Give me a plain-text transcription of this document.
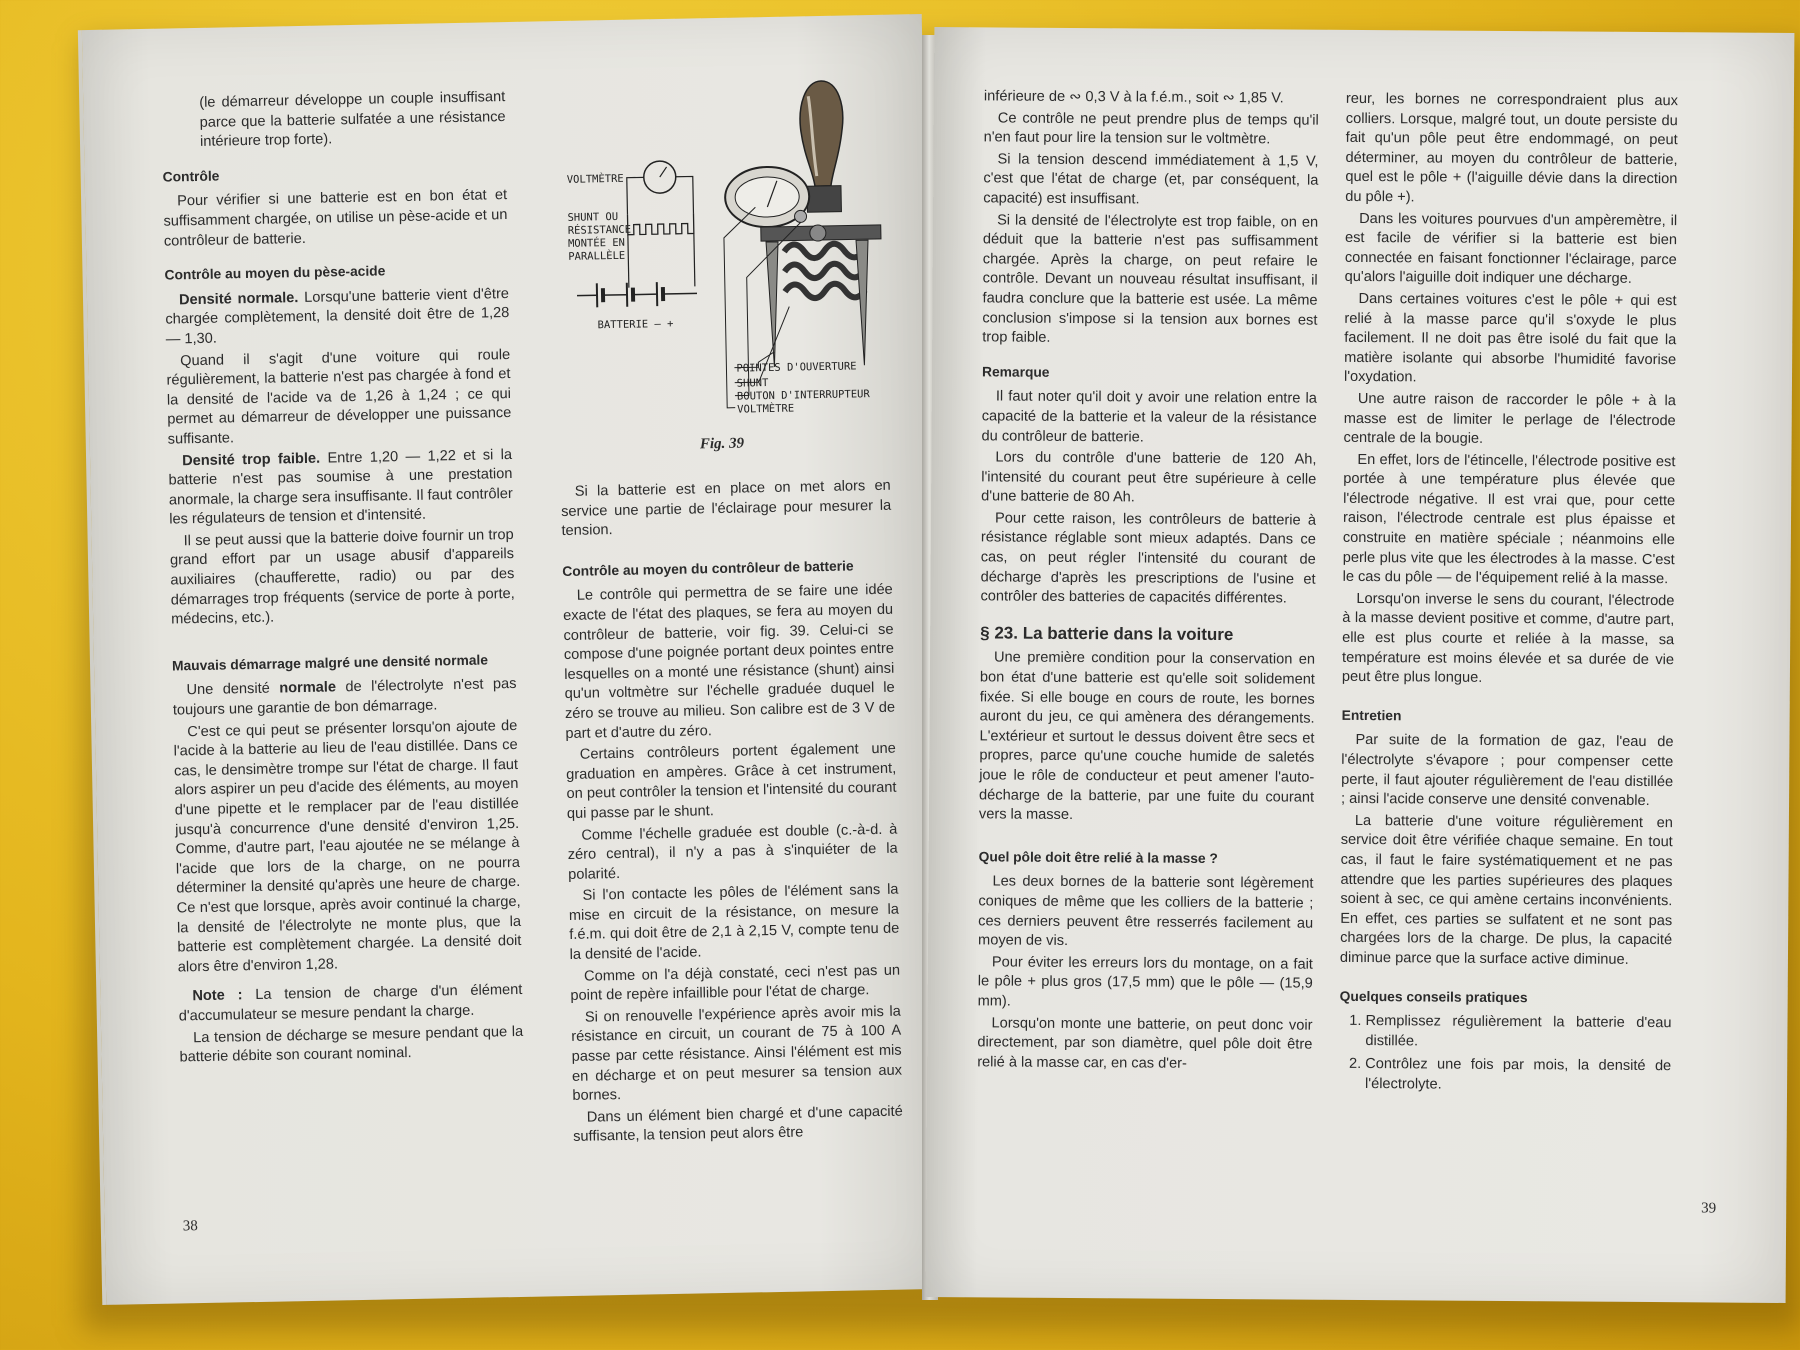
(le démarreur développe un couple insuffisant parce que la batterie sulfatée a une résistance intérieure trop forte).

Contrôle

Pour vérifier si une batterie est en bon état et suffisamment chargée, on utilise un pèse-acide et un contrôleur de batterie.

Contrôle au moyen du pèse-acide

Densité normale. Lorsqu'une batterie vient d'être chargée complètement, la densité doit être de 1,28 — 1,30.

Quand il s'agit d'une voiture qui roule régulièrement, la batterie n'est pas chargée à fond et la densité de l'acide va de 1,26 à 1,24 ; ce qui permet au démarreur de développer une puissance suffisante.

Densité trop faible. Entre 1,20 — 1,22 et si la batterie n'est pas soumise à une prestation anormale, la charge sera insuffisante. Il faut contrôler les régulateurs de tension et d'intensité.

Il se peut aussi que la batterie doive fournir un trop grand effort par un usage abusif d'appareils auxiliaires (chaufferette, radio) ou par des démarrages trop fréquents (service de porte à porte, médecins, etc.).

Mauvais démarrage malgré une densité normale

Une densité normale de l'électrolyte n'est pas toujours une garantie de bon démarrage.

C'est ce qui peut se présenter lorsqu'on ajoute de l'acide à la batterie au lieu de l'eau distillée. Dans ce cas, le densimètre trompe sur l'état de charge. Il faut alors aspirer un peu d'acide des éléments, au moyen d'une pipette et le remplacer par de l'eau distillée jusqu'à concurrence d'une densité d'environ 1,25. Comme, d'autre part, l'eau ajoutée ne se mélange à l'acide que lors de la charge, on ne pourra déterminer la densité qu'après une heure de charge. Ce n'est que lorsque, après avoir continué la charge, la densité de l'électrolyte ne monte plus, que la batterie est complètement chargée. La densité doit alors être d'environ 1,28.

Note : La tension de charge d'un élément d'accumulateur se mesure pendant la charge.

La tension de décharge se mesure pendant que la batterie débite son courant nominal.

VOLTMÈTRE
SHUNT OU
RÉSISTANCE
MONTÉE EN
PARALLÈLE
BATTERIE – +
POINTES D'OUVERTURE
SHUNT
BOUTON D'INTERRUPTEUR
VOLTMÈTRE
Fig. 39

Si la batterie est en place on met alors en service une partie de l'éclairage pour mesurer la tension.

Contrôle au moyen du contrôleur de batterie

Le contrôle qui permettra de se faire une idée exacte de l'état des plaques, se fera au moyen du contrôleur de batterie, voir fig. 39. Celui-ci se compose d'une poignée portant deux pointes entre lesquelles on a monté une résistance (shunt) ainsi qu'un voltmètre sur l'échelle graduée duquel le zéro se trouve au milieu. Son calibre est de 3 V de part et d'autre du zéro.

Certains contrôleurs portent également une graduation en ampères. Grâce à cet instrument, on peut contrôler la tension et l'intensité du courant qui passe par le shunt.

Comme l'échelle graduée est double (c.-à-d. à zéro central), il n'y a pas à s'inquiéter de la polarité.

Si l'on contacte les pôles de l'élément sans la mise en circuit de la résistance, on mesure la f.é.m. qui doit être de 2,1 à 2,15 V, compte tenu de la densité de l'acide.

Comme on l'a déjà constaté, ceci n'est pas un point de repère infaillible pour l'état de charge.

Si on renouvelle l'expérience après avoir mis la résistance en circuit, un courant de 75 à 100 A passe par cette résistance. Ainsi l'élément est mis en décharge et on peut mesurer sa tension aux bornes.

Dans un élément bien chargé et d'une capacité suffisante, la tension peut alors être

38

inférieure de ∾ 0,3 V à la f.é.m., soit ∾ 1,85 V.

Ce contrôle ne peut prendre plus de temps qu'il n'en faut pour lire la tension sur le voltmètre.

Si la tension descend immédiatement à 1,5 V, c'est que l'état de charge (et, par conséquent, la capacité) est insuffisant.

Si la densité de l'électrolyte est trop faible, on en déduit que la batterie n'est pas suffisamment chargée. Après la charge, on peut refaire le contrôle. Devant un nouveau résultat insuffisant, il faudra conclure que la batterie est usée. La même conclusion s'impose si la tension aux bornes est trop faible.

Remarque

Il faut noter qu'il doit y avoir une relation entre la capacité de la batterie et la valeur de la résistance du contrôleur de batterie.

Lors du contrôle d'une batterie de 120 Ah, l'intensité du courant peut être supérieure à celle d'une batterie de 80 Ah.

Pour cette raison, les contrôleurs de batterie à résistance réglable sont mieux adaptés. Dans ce cas, on peut régler l'intensité du courant de décharge d'après les prescriptions de l'usine et contrôler des batteries de capacités différentes.

§ 23. La batterie dans la voiture

Une première condition pour la conservation en bon état d'une batterie est qu'elle soit solidement fixée. Si elle bouge en cours de route, les bornes auront du jeu, ce qui amènera des dérangements. L'extérieur et surtout le dessus doivent être secs et propres, parce qu'une couche humide de saletés joue le rôle de conducteur et peut amener l'auto-décharge de la batterie, par une fuite du courant vers la masse.

Quel pôle doit être relié à la masse ?

Les deux bornes de la batterie sont légèrement coniques de même que les colliers de la batterie ; ces derniers peuvent être resserrés facilement au moyen de vis.

Pour éviter les erreurs lors du montage, on a fait le pôle + plus gros (17,5 mm) que le pôle — (15,9 mm).

Lorsqu'on monte une batterie, on peut donc voir directement, par son diamètre, quel pôle doit être relié à la masse car, en cas d'er-

reur, les bornes ne correspondraient plus aux colliers. Lorsque, malgré tout, un doute persiste du fait qu'un pôle peut être endommagé, on peut déterminer, au moyen du contrôleur de batterie, quel est le pôle + (l'aiguille dévie dans la direction du pôle +).

Dans les voitures pourvues d'un ampèremètre, il est facile de vérifier si la batterie est bien connectée en faisant fonctionner l'éclairage, parce qu'alors l'aiguille doit indiquer une décharge.

Dans certaines voitures c'est le pôle + qui est relié à la masse parce qu'il s'oxyde le plus facilement. Il ne doit pas être isolé du fait que la matière isolante qui absorbe l'humidité favorise l'oxydation.

Une autre raison de raccorder le pôle + à la masse est de limiter le perlage de l'électrode centrale de la bougie.

En effet, lors de l'étincelle, l'électrode positive est portée à une température plus élevée que l'électrode négative. Il est vrai que, pour cette raison, l'électrode centrale est plus épaisse et construite en matière spéciale ; néanmoins elle perle plus vite que les électrodes à la masse. C'est le cas du pôle — de l'équipement relié à la masse.

Lorsqu'on inverse le sens du courant, l'électrode à la masse devient positive et comme, d'autre part, elle est plus courte et reliée à la masse, sa température est moins élevée et sa durée de vie peut être plus longue.

Entretien

Par suite de la formation de gaz, l'eau de l'électrolyte s'évapore ; pour compenser cette perte, il faut ajouter régulièrement de l'eau distillée ; ainsi l'acide conserve une densité convenable.

La batterie d'une voiture régulièrement en service doit être vérifiée chaque semaine. En tout cas, il faut le faire systématiquement et ne pas attendre que les parties supérieures des plaques soient à sec, ce qui amène certains inconvénients. En effet, ces parties se sulfatent et ne sont pas chargées lors de la charge. De plus, la capacité diminue parce que la surface active diminue.

Quelques conseils pratiques
1. Remplissez régulièrement la batterie d'eau distillée.
2. Contrôlez une fois par mois, la densité de l'électrolyte.
39
